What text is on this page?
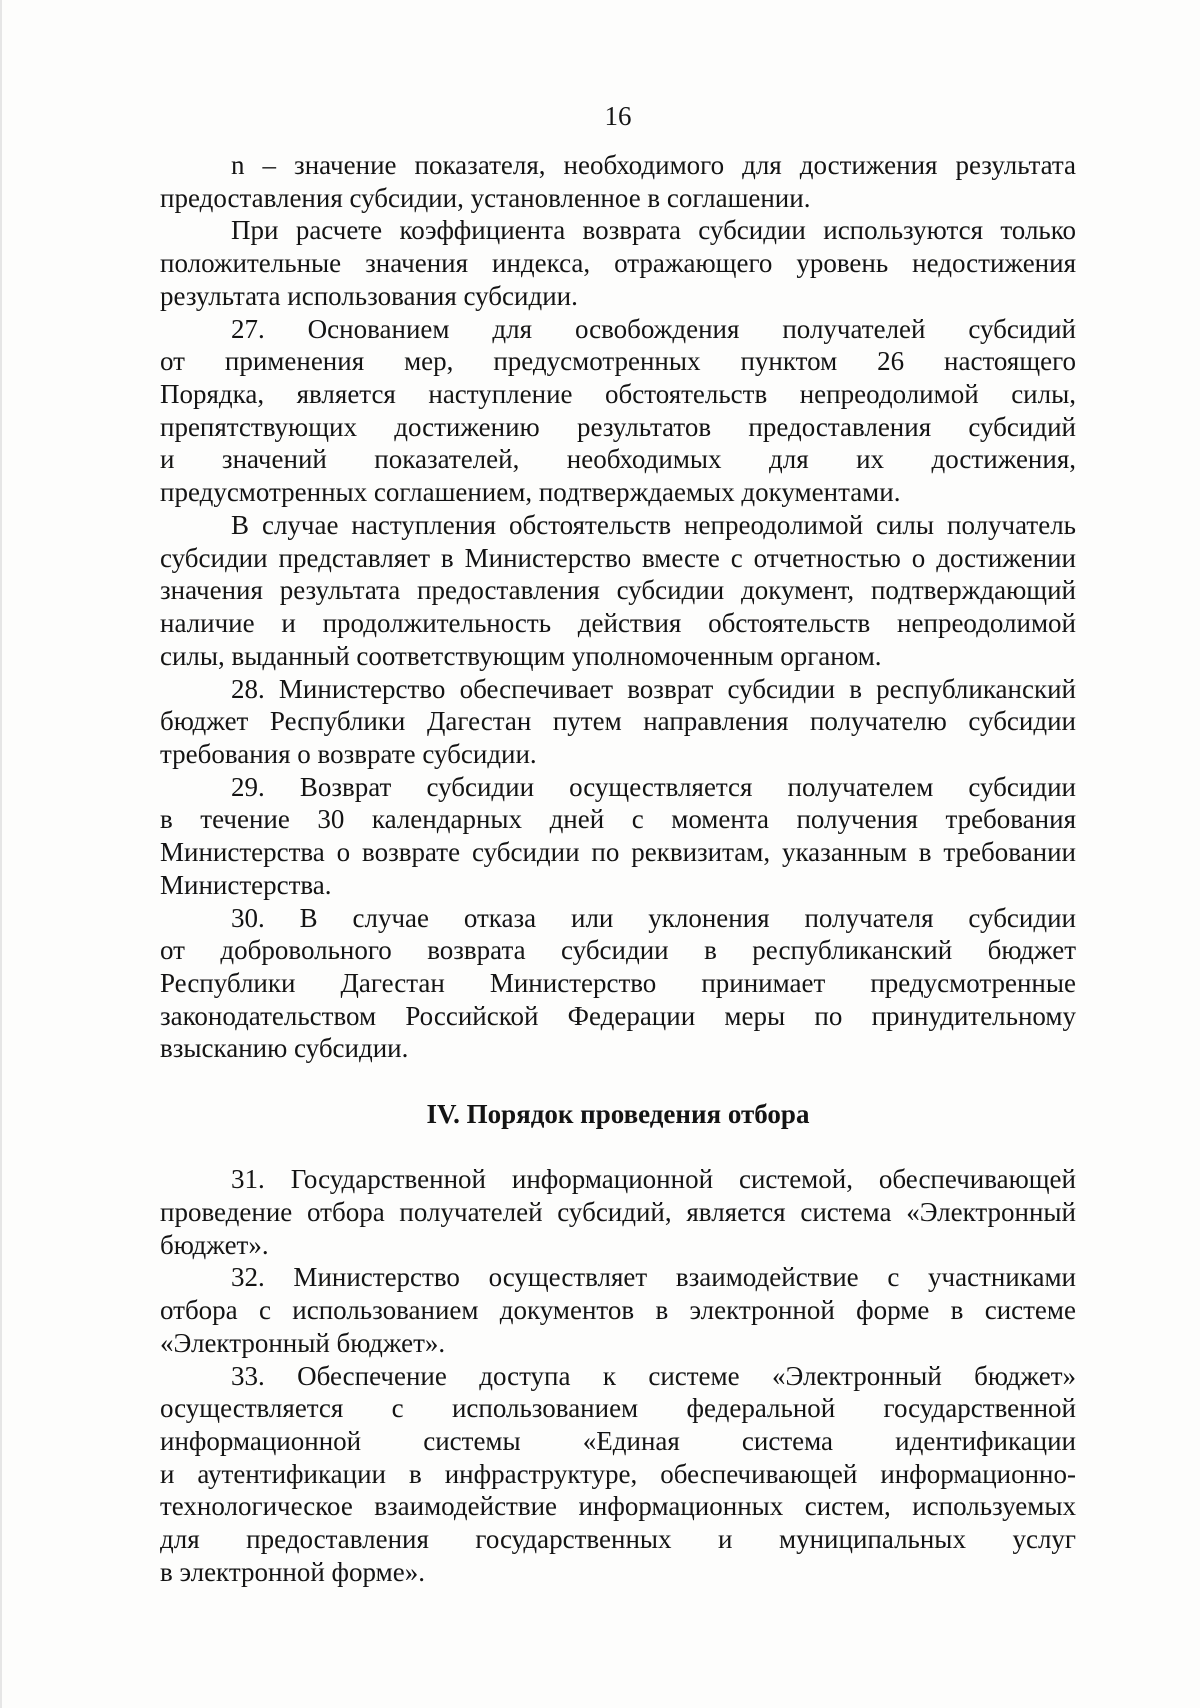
16
n – значение показателя, необходимого для достижения результата
предоставления субсидии, установленное в соглашении.
При расчете коэффициента возврата субсидии используются только
положительные значения индекса, отражающего уровень недостижения
результата использования субсидии.
27. Основанием для освобождения получателей субсидий
от применения мер, предусмотренных пунктом 26 настоящего
Порядка, является наступление обстоятельств непреодолимой силы,
препятствующих достижению результатов предоставления субсидий
и значений показателей, необходимых для их достижения,
предусмотренных соглашением, подтверждаемых документами.
В случае наступления обстоятельств непреодолимой силы получатель
субсидии представляет в Министерство вместе с отчетностью о достижении
значения результата предоставления субсидии документ, подтверждающий
наличие и продолжительность действия обстоятельств непреодолимой
силы, выданный соответствующим уполномоченным органом.
28. Министерство обеспечивает возврат субсидии в республиканский
бюджет Республики Дагестан путем направления получателю субсидии
требования о возврате субсидии.
29. Возврат субсидии осуществляется получателем субсидии
в течение 30 календарных дней с момента получения требования
Министерства о возврате субсидии по реквизитам, указанным в требовании
Министерства.
30. В случае отказа или уклонения получателя субсидии
от добровольного возврата субсидии в республиканский бюджет
Республики Дагестан Министерство принимает предусмотренные
законодательством Российской Федерации меры по принудительному
взысканию субсидии.
IV. Порядок проведения отбора
31. Государственной информационной системой, обеспечивающей
проведение отбора получателей субсидий, является система «Электронный
бюджет».
32. Министерство осуществляет взаимодействие с участниками
отбора с использованием документов в электронной форме в системе
«Электронный бюджет».
33. Обеспечение доступа к системе «Электронный бюджет»
осуществляется с использованием федеральной государственной
информационной системы «Единая система идентификации
и аутентификации в инфраструктуре, обеспечивающей информационно-
технологическое взаимодействие информационных систем, используемых
для предоставления государственных и муниципальных услуг
в электронной форме».
